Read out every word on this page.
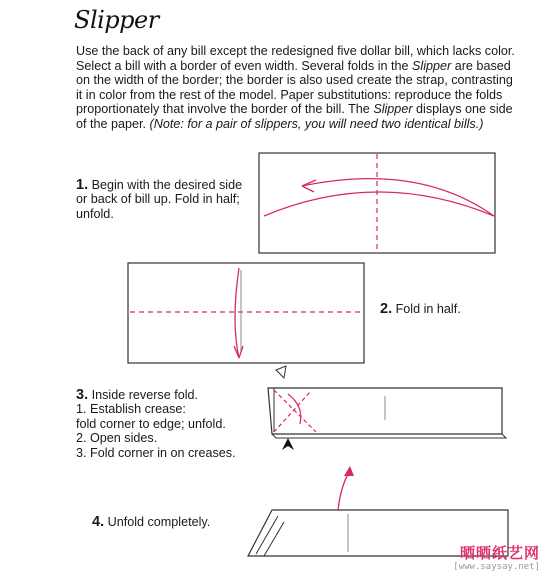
Slipper

Use the back of any bill except the redesigned five dollar bill, which lacks color. Select a bill with a border of even width. Several folds in the Slipper are based on the width of the border; the border is also used create the strap, contrasting it in color from the rest of the model. Paper substitutions: reproduce the folds proportionately that involve the border of the bill. The Slipper displays one side of the paper. (Note: for a pair of slippers, you will need two identical bills.)

1. Begin with the desired side or back of bill up. Fold in half; unfold.

2. Fold in half.

3. Inside reverse fold.
1. Establish crease:
fold corner to edge; unfold.
2. Open sides.
3. Fold corner in on creases.

4. Unfold completely.

晒晒纸艺网
[www.saysay.net]
